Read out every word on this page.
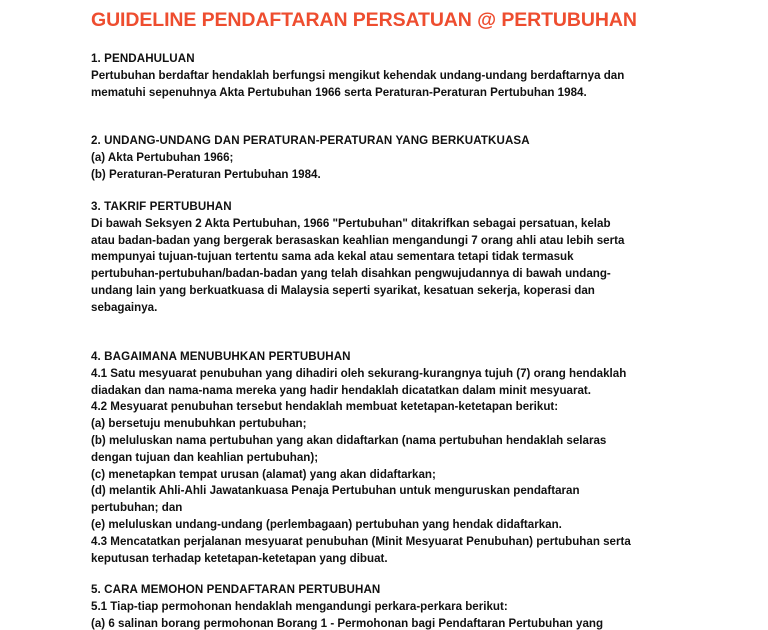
GUIDELINE PENDAFTARAN PERSATUAN @ PERTUBUHAN
1. PENDAHULUAN
Pertubuhan berdaftar hendaklah berfungsi mengikut kehendak undang-undang berdaftarnya dan
mematuhi sepenuhnya Akta Pertubuhan 1966 serta Peraturan-Peraturan Pertubuhan 1984.
2. UNDANG-UNDANG DAN PERATURAN-PERATURAN YANG BERKUATKUASA
(a) Akta Pertubuhan 1966;
(b) Peraturan-Peraturan Pertubuhan 1984.
3. TAKRIF PERTUBUHAN
Di bawah Seksyen 2 Akta Pertubuhan, 1966 "Pertubuhan" ditakrifkan sebagai persatuan, kelab
atau badan-badan yang bergerak berasaskan keahlian mengandungi 7 orang ahli atau lebih serta
mempunyai tujuan-tujuan tertentu sama ada kekal atau sementara tetapi tidak termasuk
pertubuhan-pertubuhan/badan-badan yang telah disahkan pengwujudannya di bawah undang-
undang lain yang berkuatkuasa di Malaysia seperti syarikat, kesatuan sekerja, koperasi dan
sebagainya.
4. BAGAIMANA MENUBUHKAN PERTUBUHAN
4.1 Satu mesyuarat penubuhan yang dihadiri oleh sekurang-kurangnya tujuh (7) orang hendaklah
diadakan dan nama-nama mereka yang hadir hendaklah dicatatkan dalam minit mesyuarat.
4.2 Mesyuarat penubuhan tersebut hendaklah membuat ketetapan-ketetapan berikut:
(a) bersetuju menubuhkan pertubuhan;
(b) meluluskan nama pertubuhan yang akan didaftarkan (nama pertubuhan hendaklah selaras
dengan tujuan dan keahlian pertubuhan);
(c) menetapkan tempat urusan (alamat) yang akan didaftarkan;
(d) melantik Ahli-Ahli Jawatankuasa Penaja Pertubuhan untuk menguruskan pendaftaran
pertubuhan; dan
(e) meluluskan undang-undang (perlembagaan) pertubuhan yang hendak didaftarkan.
4.3 Mencatatkan perjalanan mesyuarat penubuhan (Minit Mesyuarat Penubuhan) pertubuhan serta
keputusan terhadap ketetapan-ketetapan yang dibuat.
5. CARA MEMOHON PENDAFTARAN PERTUBUHAN
5.1 Tiap-tiap permohonan hendaklah mengandungi perkara-perkara berikut:
(a) 6 salinan borang permohonan Borang 1 - Permohonan bagi Pendaftaran Pertubuhan yang
